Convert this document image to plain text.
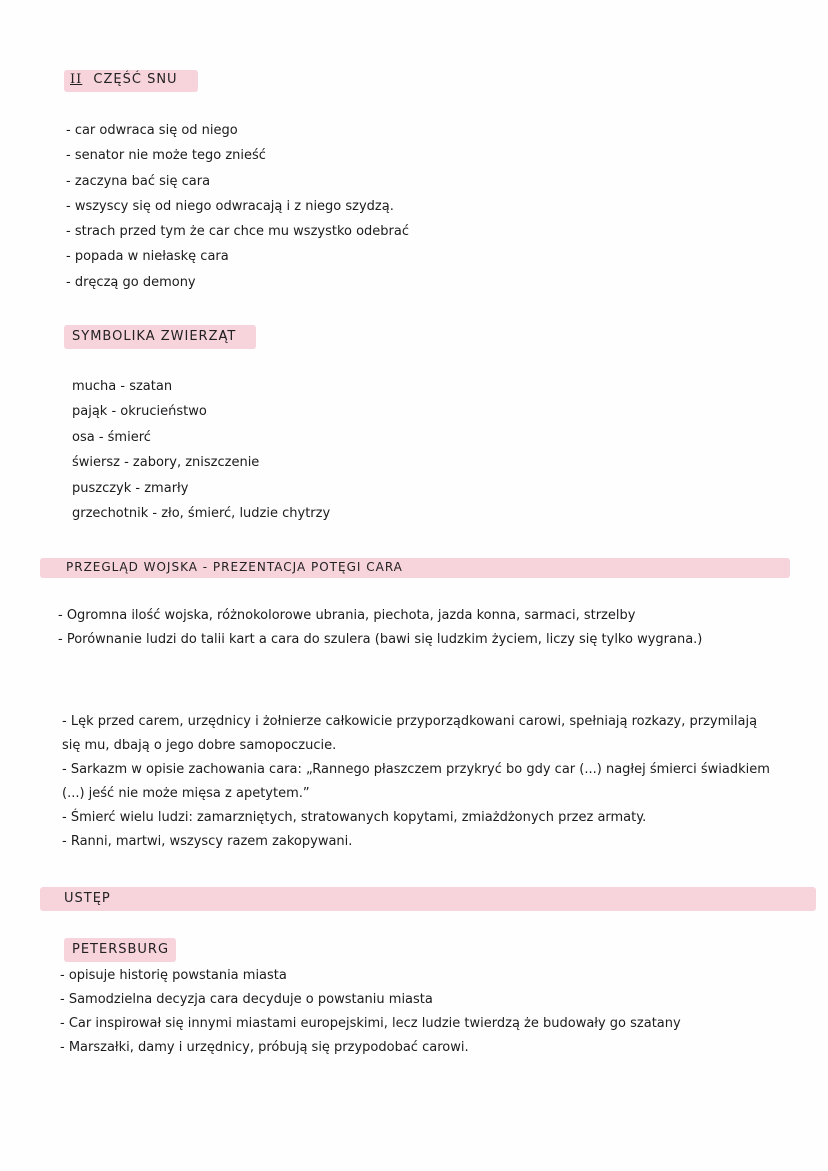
II CZĘŚĆ SNU
- car odwraca się od niego
- senator nie może tego znieść
- zaczyna bać się cara
- wszyscy się od niego odwracają i z niego szydzą.
- strach przed tym że car chce mu wszystko odebrać
- popada w niełaskę cara
- dręczą go demony
SYMBOLIKA ZWIERZĄT
mucha - szatan
pająk - okrucieństwo
osa - śmierć
świersz - zabory, zniszczenie
puszczyk - zmarły
grzechotnik - zło, śmierć, ludzie chytrzy
PRZEGLĄD WOJSKA - PREZENTACJA POTĘGI CARA
- Ogromna ilość wojska, różnokolorowe ubrania, piechota, jazda konna, sarmaci, strzelby
- Porównanie ludzi do talii kart a cara do szulera (bawi się ludzkim życiem, liczy się tylko wygrana.)
- Lęk przed carem, urzędnicy i żołnierze całkowicie przyporządkowani carowi, spełniają rozkazy, przymilają się mu, dbają o jego dobre samopoczucie.
- Sarkazm w opisie zachowania cara: „Rannego płaszczem przykryć bo gdy car (...) nagłej śmierci świadkiem (...) jeść nie może mięsa z apetytem.”
- Śmierć wielu ludzi: zamarzniętych, stratowanych kopytami, zmiażdżonych przez armaty.
- Ranni, martwi, wszyscy razem zakopywani.
USTĘP
PETERSBURG
- opisuje historię powstania miasta
- Samodzielna decyzja cara decyduje o powstaniu miasta
- Car inspirował się innymi miastami europejskimi, lecz ludzie twierdzą że budowały go szatany
- Marszałki, damy i urzędnicy, próbują się przypodobać carowi.
